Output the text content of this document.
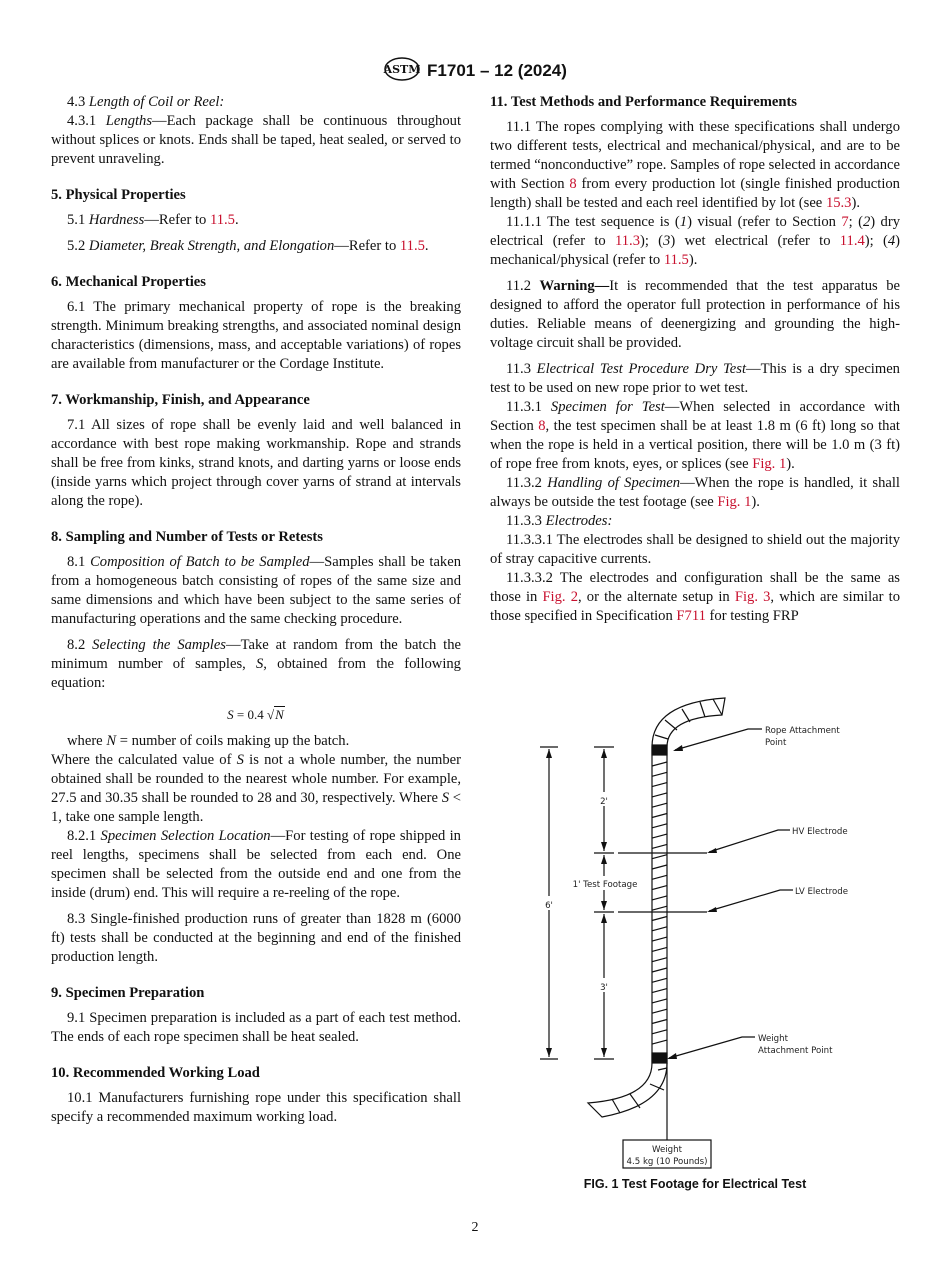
ASTM F1701 – 12 (2024)

4.3 Length of Coil or Reel:

4.3.1 Lengths—Each package shall be continuous throughout without splices or knots. Ends shall be taped, heat sealed, or served to prevent unraveling.

5. Physical Properties

5.1 Hardness—Refer to 11.5.

5.2 Diameter, Break Strength, and Elongation—Refer to 11.5.

6. Mechanical Properties

6.1 The primary mechanical property of rope is the breaking strength. Minimum breaking strengths, and associated nominal design characteristics (dimensions, mass, and acceptable variations) of ropes are available from manufacturer or the Cordage Institute.

7. Workmanship, Finish, and Appearance

7.1 All sizes of rope shall be evenly laid and well balanced in accordance with best rope making workmanship. Rope and strands shall be free from kinks, strand knots, and darting yarns or loose ends (inside yarns which project through cover yarns of strand at intervals along the rope).

8. Sampling and Number of Tests or Retests

8.1 Composition of Batch to be Sampled—Samples shall be taken from a homogeneous batch consisting of ropes of the same size and same dimensions and which have been subject to the same series of manufacturing operations and the same checking procedure.

8.2 Selecting the Samples—Take at random from the batch the minimum number of samples, S, obtained from the following equation:

S = 0.4 √N

where N = number of coils making up the batch.

Where the calculated value of S is not a whole number, the number obtained shall be rounded to the nearest whole number. For example, 27.5 and 30.35 shall be rounded to 28 and 30, respectively. Where S < 1, take one sample length.

8.2.1 Specimen Selection Location—For testing of rope shipped in reel lengths, specimens shall be selected from each end. One specimen shall be selected from the outside end and one from the inside (drum) end. This will require a re-reeling of the rope.

8.3 Single-finished production runs of greater than 1828 m (6000 ft) tests shall be conducted at the beginning and end of the finished production length.

9. Specimen Preparation

9.1 Specimen preparation is included as a part of each test method. The ends of each rope specimen shall be heat sealed.

10. Recommended Working Load

10.1 Manufacturers furnishing rope under this specification shall specify a recommended maximum working load.

11. Test Methods and Performance Requirements

11.1 The ropes complying with these specifications shall undergo two different tests, electrical and mechanical/physical, and are to be termed “nonconductive” rope. Samples of rope selected in accordance with Section 8 from every production lot (single finished production length) shall be tested and each reel identified by lot (see 15.3).

11.1.1 The test sequence is (1) visual (refer to Section 7; (2) dry electrical (refer to 11.3); (3) wet electrical (refer to 11.4); (4) mechanical/physical (refer to 11.5).

11.2 Warning—It is recommended that the test apparatus be designed to afford the operator full protection in performance of his duties. Reliable means of deenergizing and grounding the high-voltage circuit shall be provided.

11.3 Electrical Test Procedure Dry Test—This is a dry specimen test to be used on new rope prior to wet test.

11.3.1 Specimen for Test—When selected in accordance with Section 8, the test specimen shall be at least 1.8 m (6 ft) long so that when the rope is held in a vertical position, there will be 1.0 m (3 ft) of rope free from knots, eyes, or splices (see Fig. 1).

11.3.2 Handling of Specimen—When the rope is handled, it shall always be outside the test footage (see Fig. 1).

11.3.3 Electrodes:

11.3.3.1 The electrodes shall be designed to shield out the majority of stray capacitive currents.

11.3.3.2 The electrodes and configuration shall be the same as those in Fig. 2, or the alternate setup in Fig. 3, which are similar to those specified in Specification F711 for testing FRP

Rope Attachment
Point
HV Electrode
LV Electrode
Weight
Attachment Point
2'
1' Test Footage
6'
3'
Weight
4.5 kg (10 Pounds)
FIG. 1 Test Footage for Electrical Test
2
